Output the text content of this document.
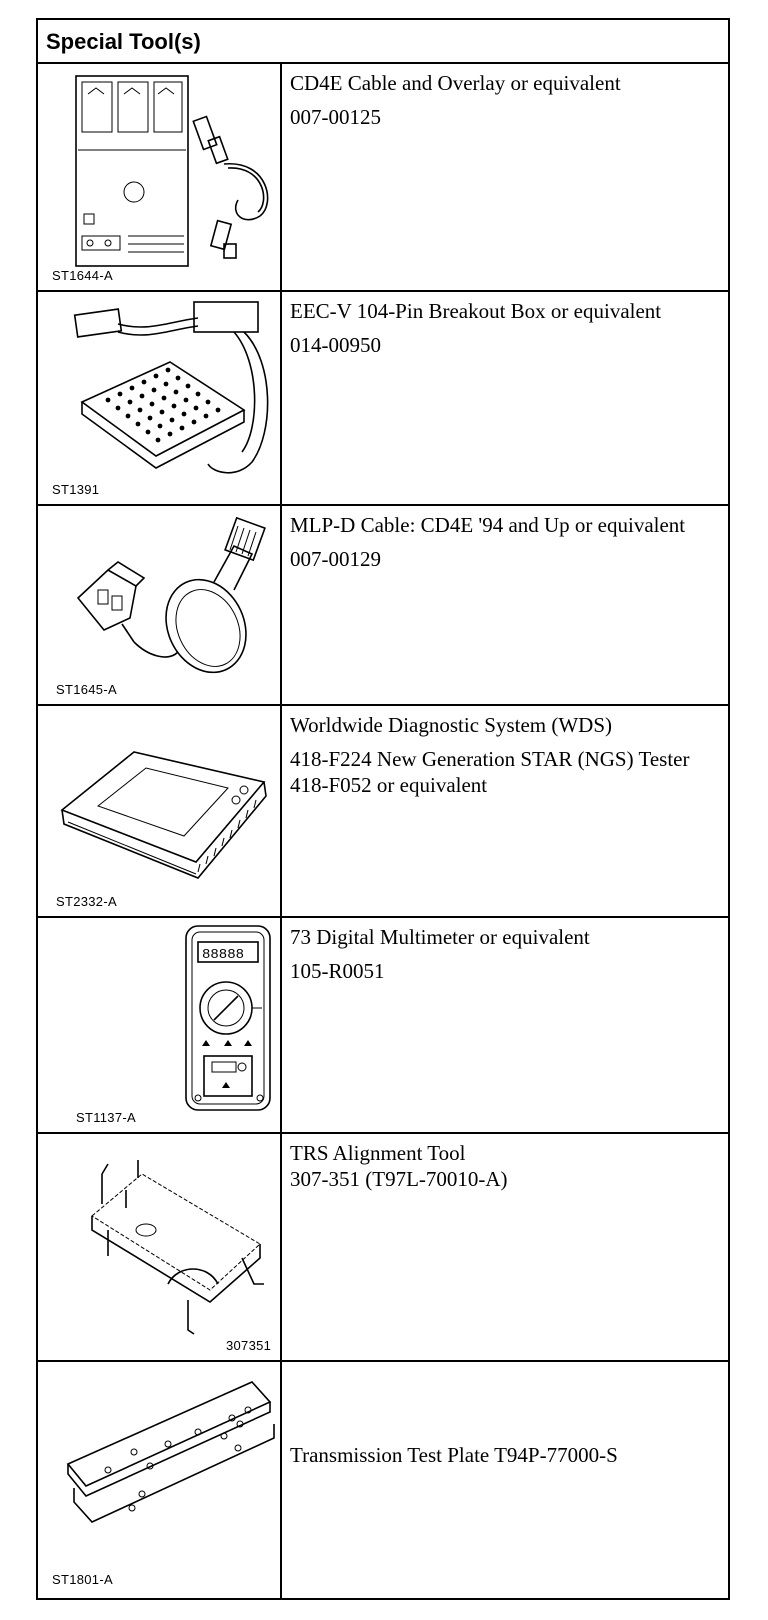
Special Tool(s)
ST1644-A
CD4E Cable and Overlay or equivalent
007-00125
ST1391
EEC-V 104-Pin Breakout Box or equivalent
014-00950
ST1645-A
MLP-D Cable: CD4E '94 and Up or equivalent
007-00129
ST2332-A
Worldwide Diagnostic System (WDS)
418-F224 New Generation STAR (NGS) Tester 418-F052 or equivalent
88888
ST1137-A
73 Digital Multimeter or equivalent
105-R0051
307351
TRS Alignment Tool
307-351 (T97L-70010-A)
ST1801-A
Transmission Test Plate T94P-77000-S
